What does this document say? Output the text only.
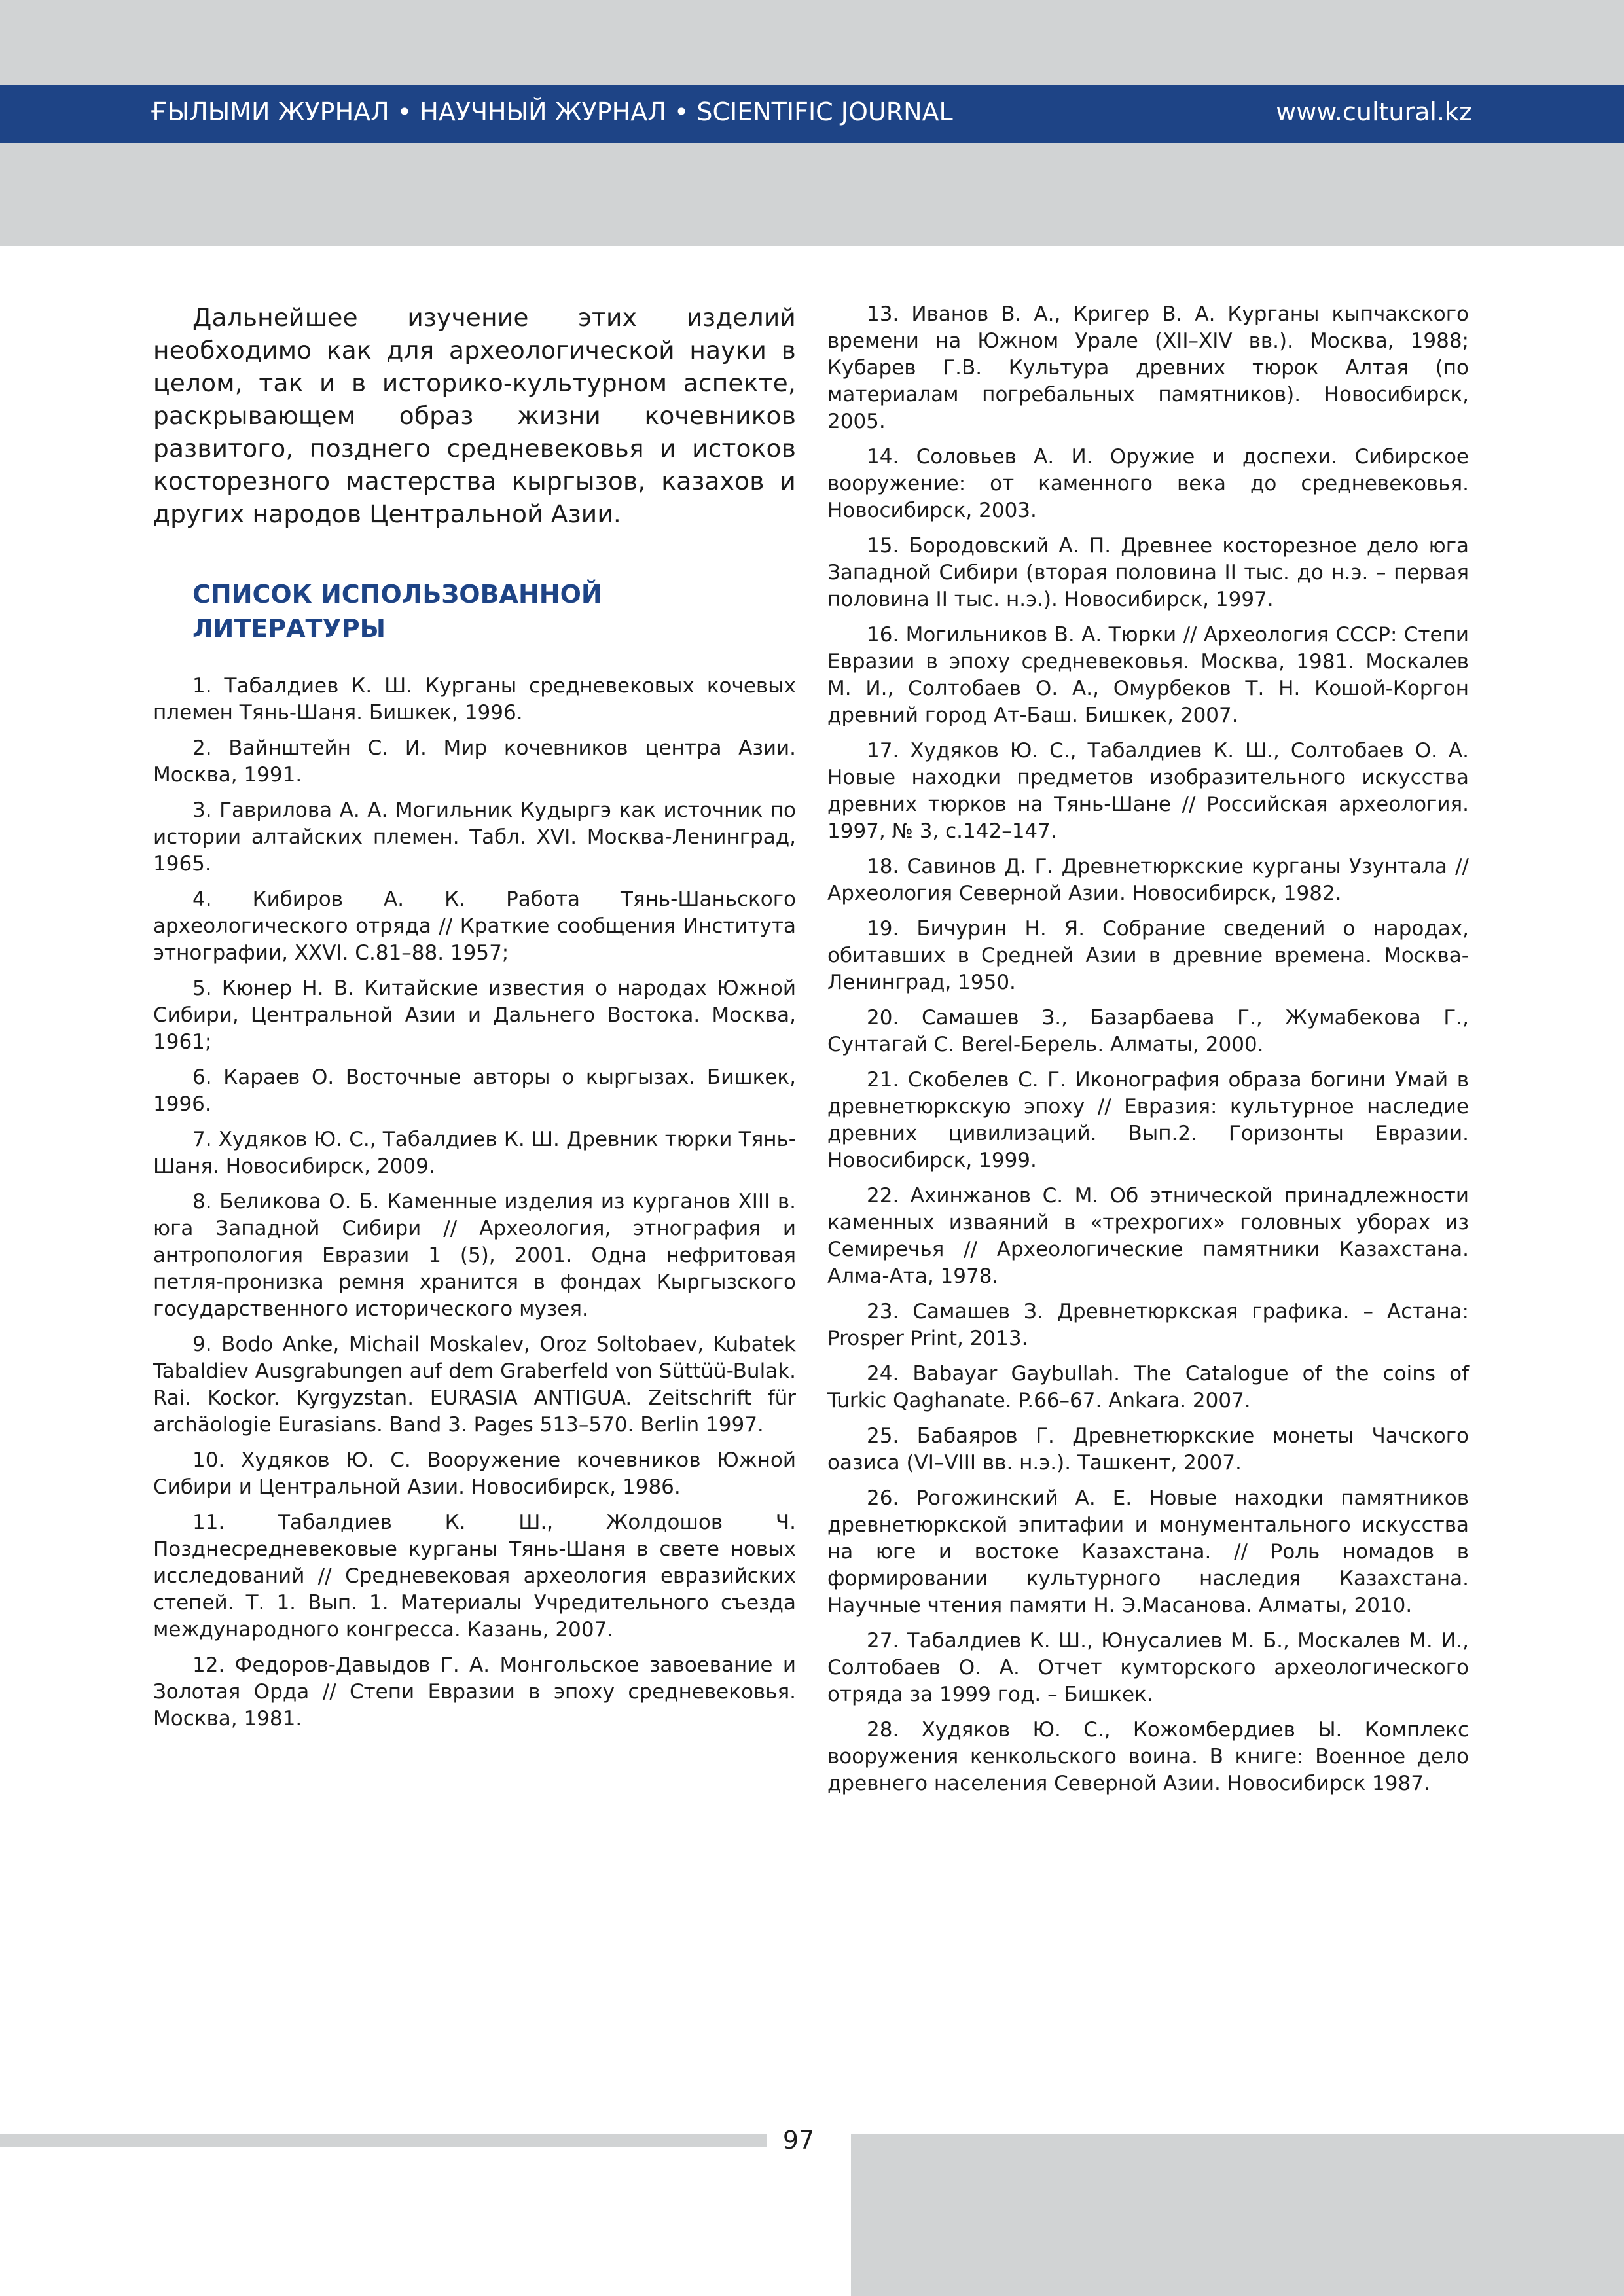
ҒЫЛЫМИ ЖУРНАЛ • НАУЧНЫЙ ЖУРНАЛ • SCIENTIFIC JOURNAL	www.cultural.kz

Дальнейшее изучение этих изделий необходимо как для археологической науки в целом, так и в историко-культурном аспекте, раскрывающем образ жизни кочевников развитого, позднего средневековья и истоков косторезного мастерства кыргызов, казахов и других народов Центральной Азии.

СПИСОК ИСПОЛЬЗОВАННОЙ ЛИТЕРАТУРЫ

1. Табалдиев К. Ш. Курганы средневековых кочевых племен Тянь-Шаня. Бишкек, 1996.

2. Вайнштейн С. И. Мир кочевников центра Азии. Москва, 1991.

3. Гаврилова А. А. Могильник Кудыргэ как источник по истории алтайских племен. Табл. XVI. Москва-Ленинград, 1965.

4. Кибиров А. К. Работа Тянь-Шаньского археологического отряда // Краткие сообщения Института этнографии, XXVI. С.81–88. 1957;

5. Кюнер Н. В. Китайские известия о народах Южной Сибири, Центральной Азии и Дальнего Востока. Москва, 1961;

6. Караев О. Восточные авторы о кыргызах. Бишкек, 1996.

7. Худяков Ю. С., Табалдиев К. Ш. Древник тюрки Тянь-Шаня. Новосибирск, 2009.

8. Беликова О. Б. Каменные изделия из курганов XIII в. юга Западной Сибири // Археология, этнография и антропология Евразии 1 (5), 2001. Одна нефритовая петля-пронизка ремня хранится в фондах Кыргызского государственного исторического музея.

9. Bodo Anke, Michail Moskalev, Oroz Soltobaev, Kubatek Tabaldiev Ausgrabungen auf dem Graberfeld von Süttüü-Bulak. Rai. Kockor. Kyrgyzstan. EURASIA ANTIGUA. Zeitschrift für archäologie Eurasians. Band 3. Pages 513–570. Berlin 1997.

10. Худяков Ю. С. Вооружение кочевников Южной Сибири и Центральной Азии. Новосибирск, 1986.

11. Табалдиев К. Ш., Жолдошов Ч. Позднесредневековые курганы Тянь-Шаня в свете новых исследований // Средневековая археология евразийских степей. Т. 1. Вып. 1. Материалы Учредительного съезда международного конгресса. Казань, 2007.

12. Федоров-Давыдов Г. А. Монгольское завоевание и Золотая Орда // Степи Евразии в эпоху средневековья. Москва, 1981.

13. Иванов В. А., Кригер В. А. Курганы кыпчакского времени на Южном Урале (XII–XIV вв.). Москва, 1988; Кубарев Г.В. Культура древних тюрок Алтая (по материалам погребальных памятников). Новосибирск, 2005.

14. Соловьев А. И. Оружие и доспехи. Сибирское вооружение: от каменного века до средневековья. Новосибирск, 2003.

15. Бородовский А. П. Древнее косторезное дело юга Западной Сибири (вторая половина II тыс. до н.э. – первая половина II тыс. н.э.). Новосибирск, 1997.

16. Могильников В. А. Тюрки // Археология СССР: Степи Евразии в эпоху средневековья. Москва, 1981. Москалев М. И., Солтобаев О. А., Омурбеков Т. Н. Кошой-Коргон древний город Ат-Баш. Бишкек, 2007.

17. Худяков Ю. С., Табалдиев К. Ш., Солтобаев О. А. Новые находки предметов изобразительного искусства древних тюрков на Тянь-Шане // Российская археология. 1997, № 3, с.142–147.

18. Савинов Д. Г. Древнетюркские курганы Узунтала // Археология Северной Азии. Новосибирск, 1982.

19. Бичурин Н. Я. Собрание сведений о народах, обитавших в Средней Азии в древние времена. Москва-Ленинград, 1950.

20. Самашев З., Базарбаева Г., Жумабекова Г., Сунтагай С. Berel-Берель. Алматы, 2000.

21. Скобелев С. Г. Иконография образа богини Умай в древнетюркскую эпоху // Евразия: культурное наследие древних цивилизаций. Вып.2. Горизонты Евразии. Новосибирск, 1999.

22. Ахинжанов С. М. Об этнической принадлежности каменных изваяний в «трехрогих» головных уборах из Семиречья // Археологические памятники Казахстана. Алма-Ата, 1978.

23. Самашев З. Древнетюркская графика. – Астана: Prosper Print, 2013.

24. Babayar Gaybullah. The Catalogue of the coins of Turkic Qaghanate. P.66–67. Ankara. 2007.

25. Бабаяров Г. Древнетюркские монеты Чачского оазиса (VI–VIII вв. н.э.). Ташкент, 2007.

26. Рогожинский А. Е. Новые находки памятников древнетюркской эпитафии и монументального искусства на юге и востоке Казахстана. // Роль номадов в формировании культурного наследия Казахстана. Научные чтения памяти Н. Э.Масанова. Алматы, 2010.

27. Табалдиев К. Ш., Юнусалиев М. Б., Москалев М. И., Солтобаев О. А. Отчет кумторского археологического отряда за 1999 год. – Бишкек.

28. Худяков Ю. С., Кожомбердиев Ы. Комплекс вооружения кенкольского воина. В книге: Военное дело древнего населения Северной Азии. Новосибирск 1987.

97
